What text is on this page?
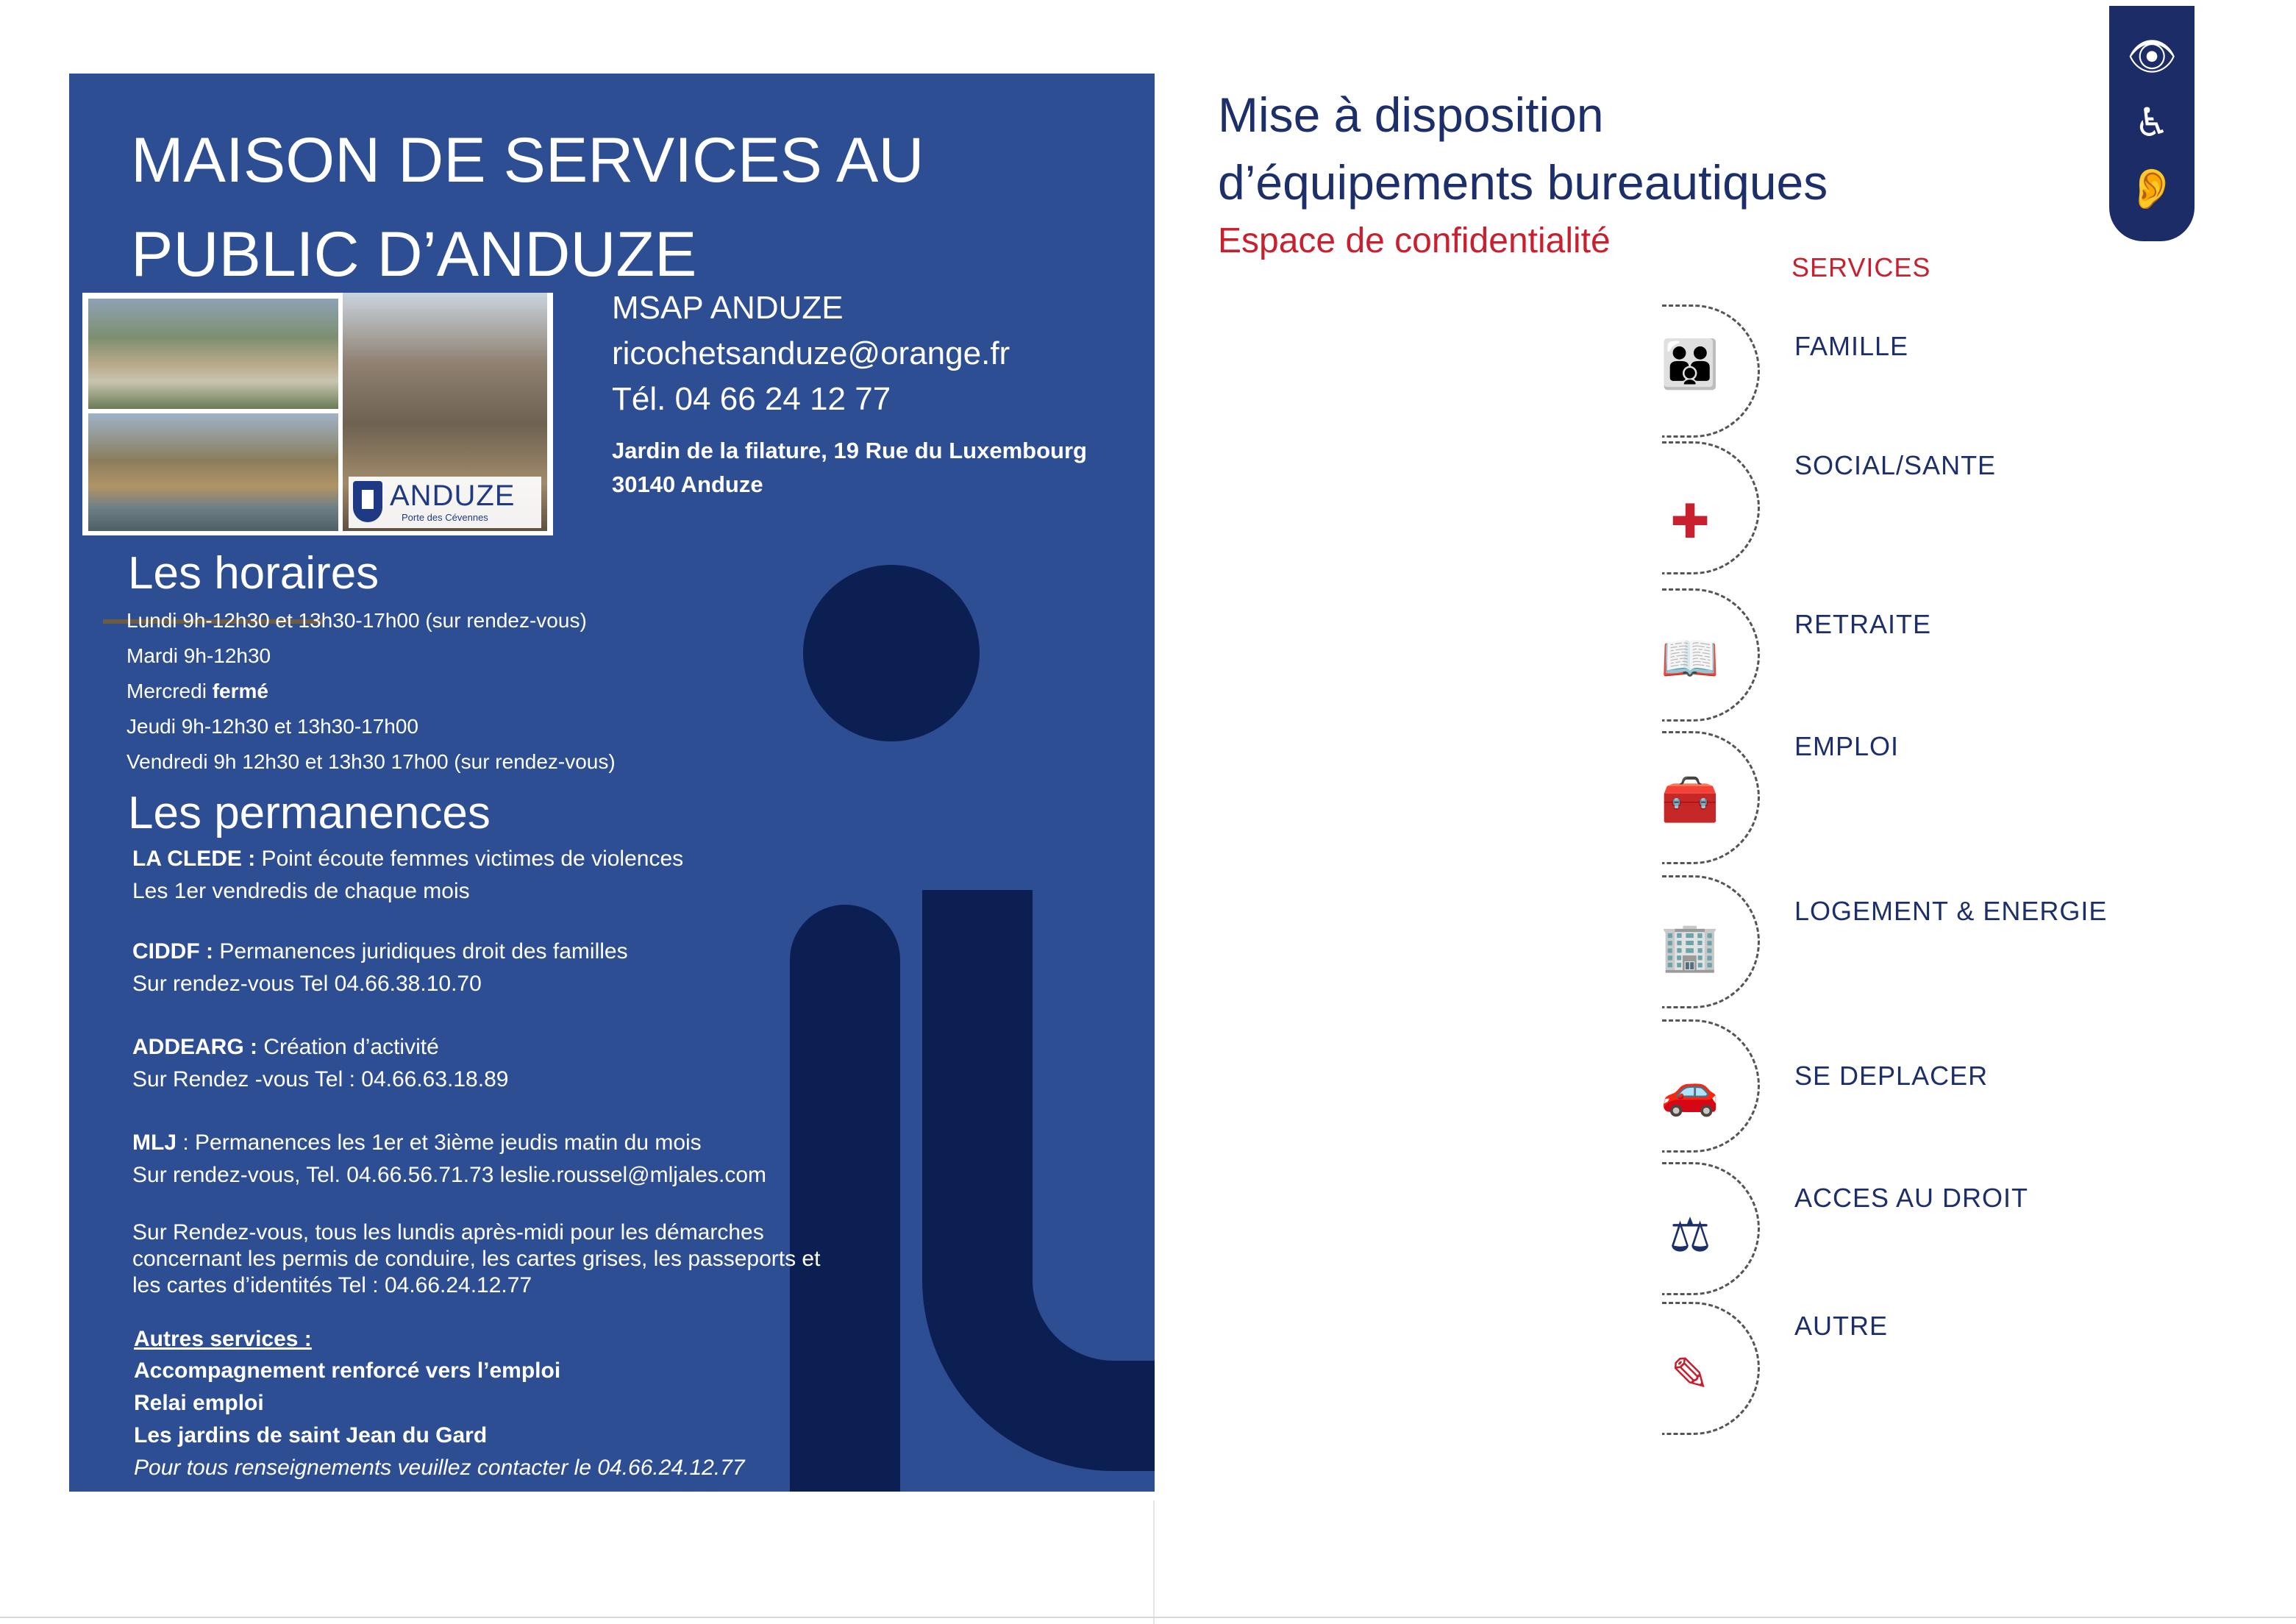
MAISON DE SERVICES AU PUBLIC D’ANDUZE
ANDUZE
Porte des Cévennes
MSAP ANDUZE
ricochetsanduze@orange.fr
Tél. 04 66 24 12 77
Jardin de la filature, 19 Rue du Luxembourg
30140 Anduze
Les horaires
Lundi 9h-12h30 et 13h30-17h00 (sur rendez-vous)
Mardi 9h-12h30
Mercredi fermé
Jeudi 9h-12h30 et 13h30-17h00
Vendredi 9h 12h30 et 13h30 17h00 (sur rendez-vous)
Les permanences
LA CLEDE : Point écoute femmes victimes de violences
Les 1er vendredis de chaque mois
CIDDF : Permanences juridiques droit des familles
Sur rendez-vous Tel 04.66.38.10.70
ADDEARG : Création d’activité
Sur Rendez -vous Tel : 04.66.63.18.89
MLJ : Permanences les 1er et 3ième jeudis matin du mois
Sur rendez-vous, Tel. 04.66.56.71.73 leslie.roussel@mljales.com
Sur Rendez-vous, tous les lundis après-midi pour les démarches
concernant les permis de conduire, les cartes grises, les passeports et
les cartes d’identités Tel : 04.66.24.12.77
Autres services :
Accompagnement renforcé vers l’emploi
Relai emploi
Les jardins de saint Jean du Gard
Pour tous renseignements veuillez contacter le 04.66.24.12.77
Mise à disposition
d’équipements bureautiques
Espace de confidentialité
👁
♿
👂
SERVICES
👪	FAMILLE
✚
SOCIAL/SANTE
📖
RETRAITE
🧰
EMPLOI
🏢
LOGEMENT & ENERGIE
🚗	SE DEPLACER
⚖
ACCES AU DROIT
✎
AUTRE
